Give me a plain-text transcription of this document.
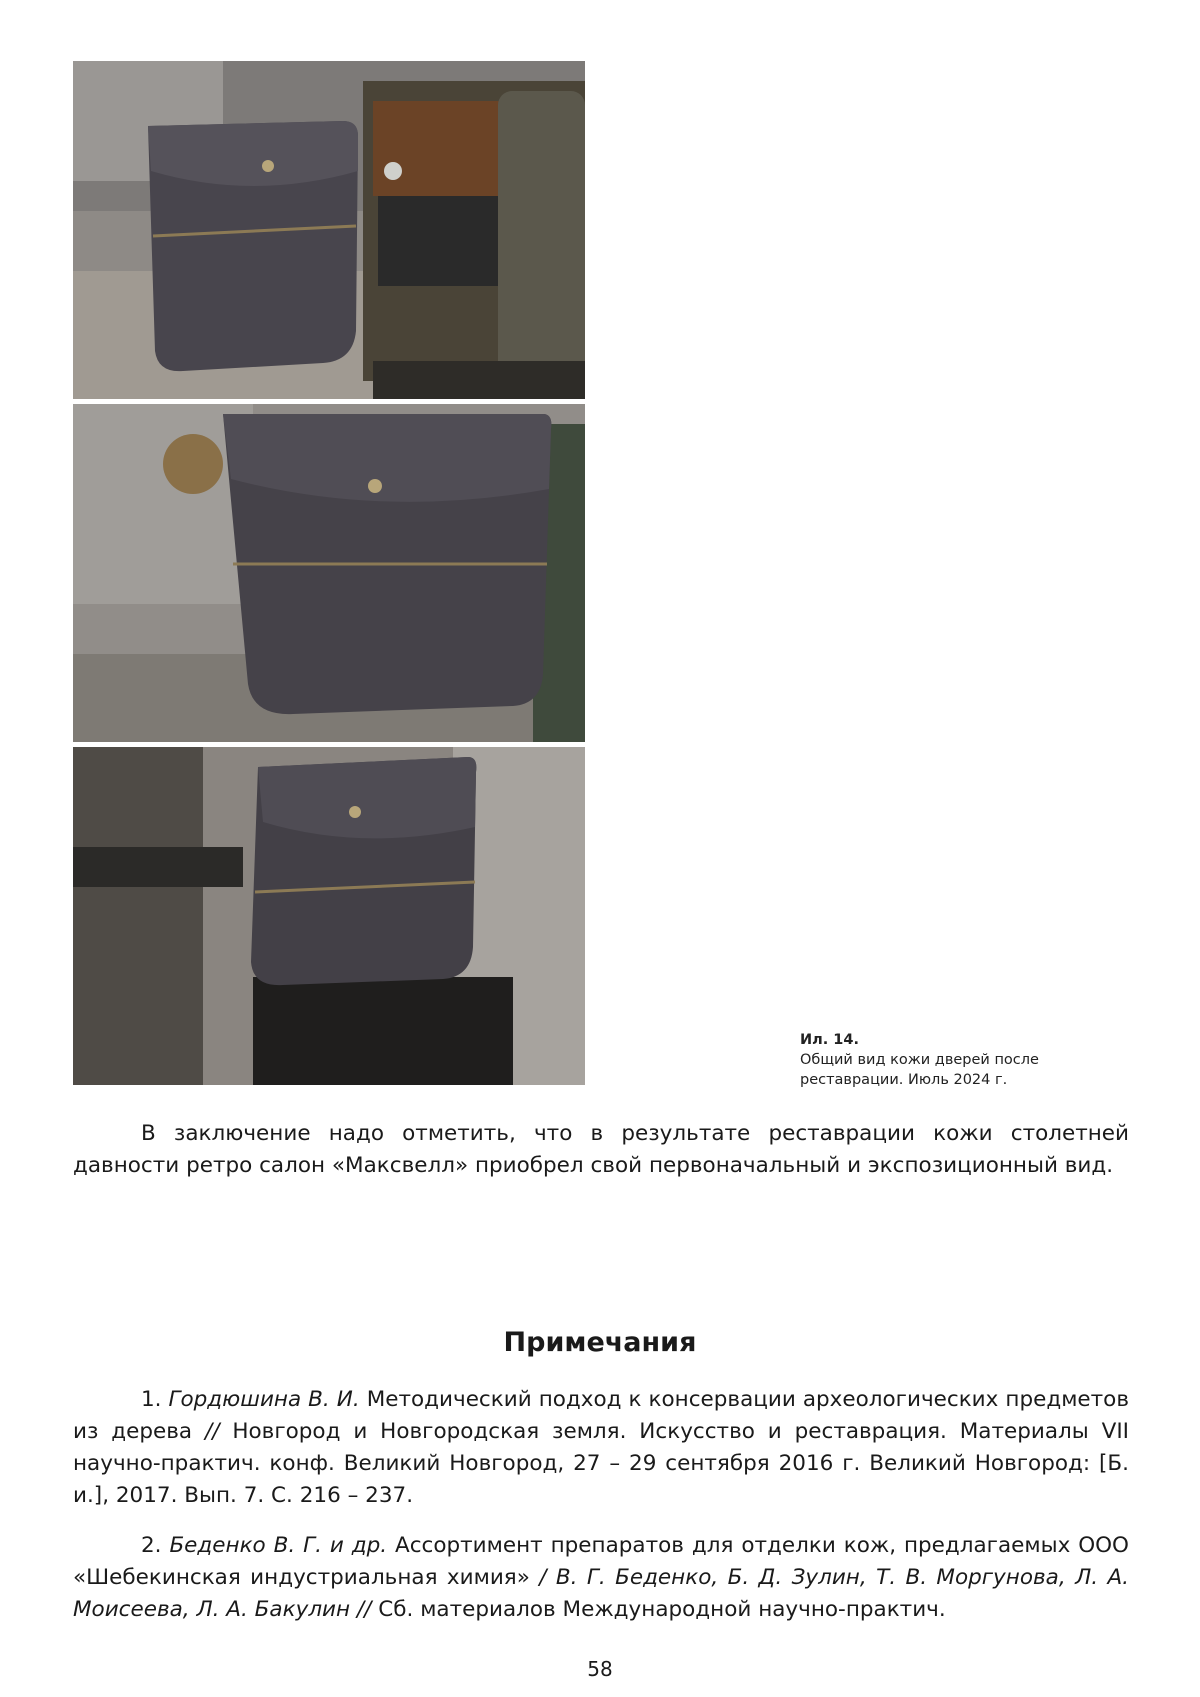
Ил. 14.
Общий вид кожи дверей после реставрации. Июль 2024 г.

В заключение надо отметить, что в результате реставрации кожи столетней давности ретро салон «Максвелл» приобрел свой первоначальный и экспозиционный вид.

Примечания

1. Гордюшина В. И. Методический подход к консервации археологических предметов из дерева // Новгород и Новгородская земля. Искусство и реставрация. Материалы VII научно-практич. конф. Великий Новгород, 27 – 29 сентября 2016 г. Великий Новгород: [Б. и.], 2017. Вып. 7. С. 216 – 237.

2. Беденко В. Г. и др. Ассортимент препаратов для отделки кож, предлагаемых ООО «Шебекинская индустриальная химия» / В. Г. Беденко, Б. Д. Зулин, Т. В. Моргунова, Л. А. Моисеева, Л. А. Бакулин // Сб. материалов Международной научно-практич.

58
